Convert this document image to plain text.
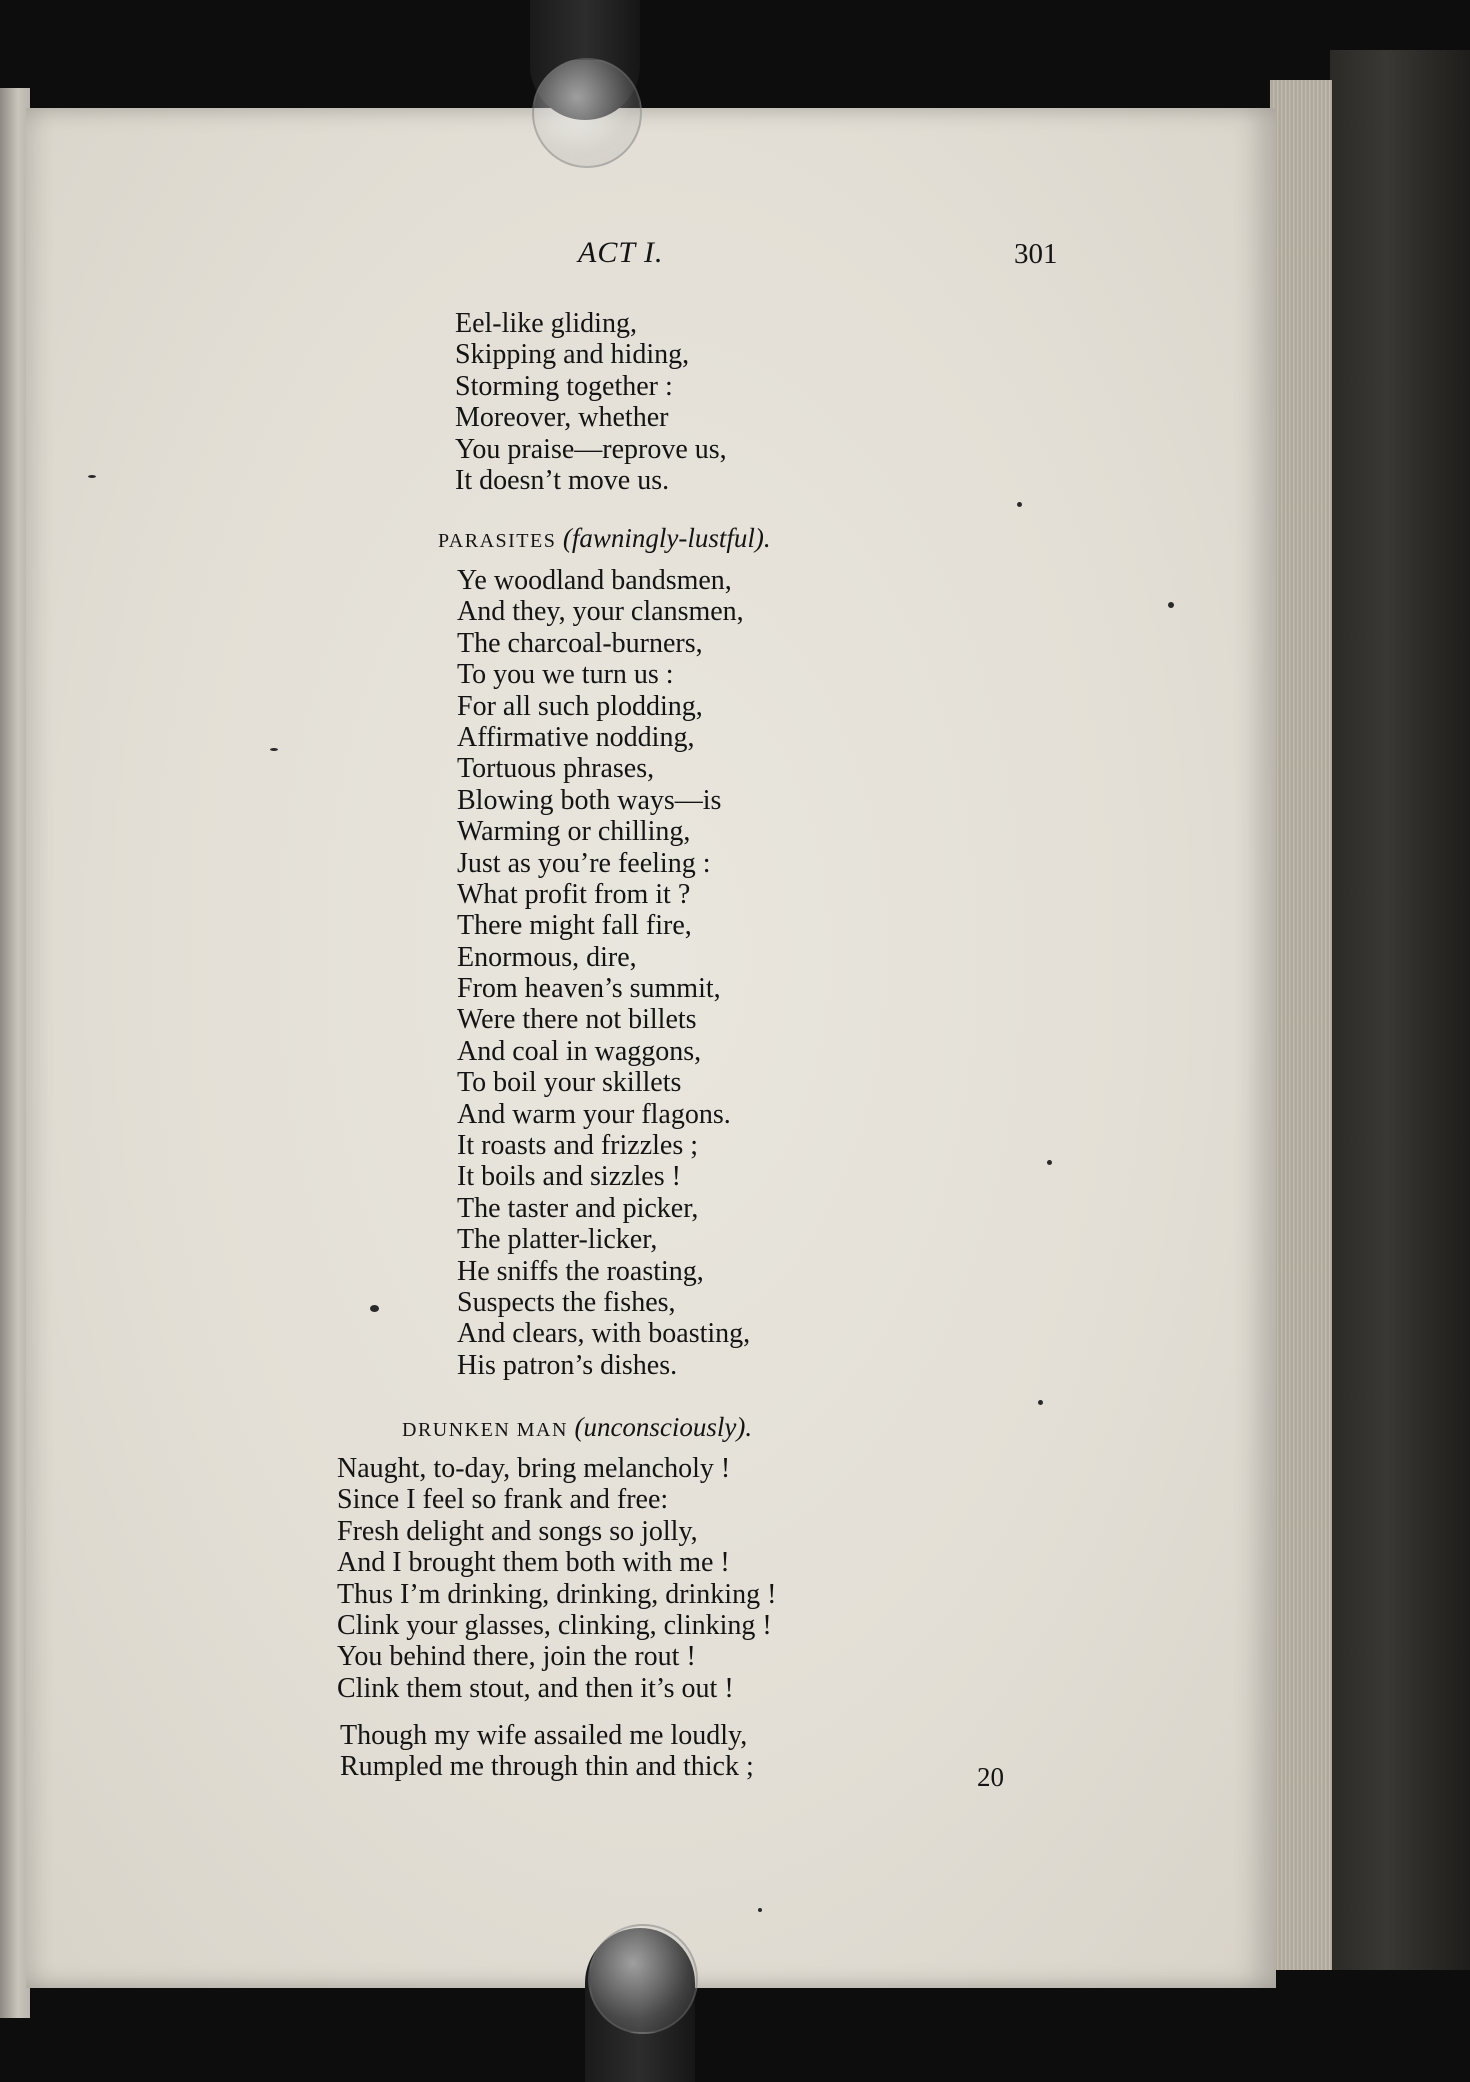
ACT I.	301
Eel-like gliding,
Skipping and hiding,
Storming together :
Moreover, whether
You praise—reprove us,
It doesn’t move us.
PARASITES (fawningly-lustful).
Ye woodland bandsmen,
And they, your clansmen,
The charcoal-burners,
To you we turn us :
For all such plodding,
Affirmative nodding,
Tortuous phrases,
Blowing both ways—is
Warming or chilling,
Just as you’re feeling :
What profit from it ?
There might fall fire,
Enormous, dire,
From heaven’s summit,
Were there not billets
And coal in waggons,
To boil your skillets
And warm your flagons.
It roasts and frizzles ;
It boils and sizzles !
The taster and picker,
The platter-licker,
He sniffs the roasting,
Suspects the fishes,
And clears, with boasting,
His patron’s dishes.
DRUNKEN MAN (unconsciously).
Naught, to-day, bring melancholy !
Since I feel so frank and free:
Fresh delight and songs so jolly,
And I brought them both with me !
Thus I’m drinking, drinking, drinking !
Clink your glasses, clinking, clinking !
You behind there, join the rout !
Clink them stout, and then it’s out !
Though my wife assailed me loudly,
Rumpled me through thin and thick ;	20
